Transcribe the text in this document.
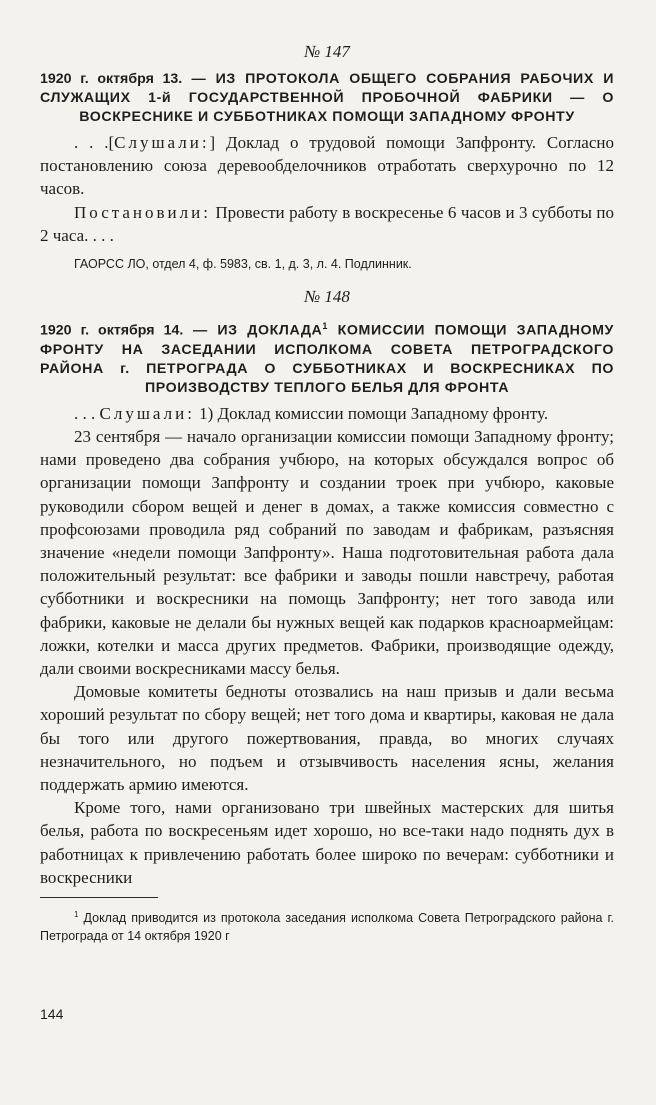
№ 147
1920 г. октября 13. — ИЗ ПРОТОКОЛА ОБЩЕГО СОБРАНИЯ РАБОЧИХ И СЛУЖАЩИХ 1-й ГОСУДАРСТВЕННОЙ ПРОБОЧНОЙ ФАБРИКИ — О ВОСКРЕСНИКЕ И СУББОТНИКАХ ПОМОЩИ ЗАПАДНОМУ ФРОНТУ

. . .[Слушали:] Доклад о трудовой помощи Запфронту. Согласно постановлению союза деревообделочников отработать сверхурочно по 12 часов.

Постановили: Провести работу в воскресенье 6 часов и 3 субботы по 2 часа. . . .

ГАОРСС ЛО, отдел 4, ф. 5983, св. 1, д. 3, л. 4. Подлинник.
№ 148
1920 г. октября 14. — ИЗ ДОКЛАДА$^1$ КОМИССИИ ПОМОЩИ ЗАПАДНОМУ ФРОНТУ НА ЗАСЕДАНИИ ИСПОЛКОМА СОВЕТА ПЕТРОГРАДСКОГО РАЙОНА г. ПЕТРОГРАДА О СУББОТНИКАХ И ВОСКРЕСНИКАХ ПО ПРОИЗВОДСТВУ ТЕПЛОГО БЕЛЬЯ ДЛЯ ФРОНТА

. . . Слушали: 1) Доклад комиссии помощи Западному фронту.

23 сентября — начало организации комиссии помощи Западному фронту; нами проведено два собрания учбюро, на которых обсуждался вопрос об организации помощи Запфронту и создании троек при учбюро, каковые руководили сбором вещей и денег в домах, а также комиссия совместно с профсоюзами проводила ряд собраний по заводам и фабрикам, разъясняя значение «недели помощи Запфронту». Наша подготовительная работа дала положительный результат: все фабрики и заводы пошли навстречу, работая субботники и воскресники на помощь Запфронту; нет того завода или фабрики, каковые не делали бы нужных вещей как подарков красноармейцам: ложки, котелки и масса других предметов. Фабрики, производящие одежду, дали своими воскресниками массу белья.

Домовые комитеты бедноты отозвались на наш призыв и дали весьма хороший результат по сбору вещей; нет того дома и квартиры, каковая не дала бы того или другого пожертвования, правда, во многих случаях незначительного, но подъем и отзывчивость населения ясны, желания поддержать армию имеются.

Кроме того, нами организовано три швейных мастерских для шитья белья, работа по воскресеньям идет хорошо, но все-таки надо поднять дух в работницах к привлечению работать более широко по вечерам: субботники и воскресники

$^1$ Доклад приводится из протокола заседания исполкома Совета Петроградского района г. Петрограда от 14 октября 1920 г
144
